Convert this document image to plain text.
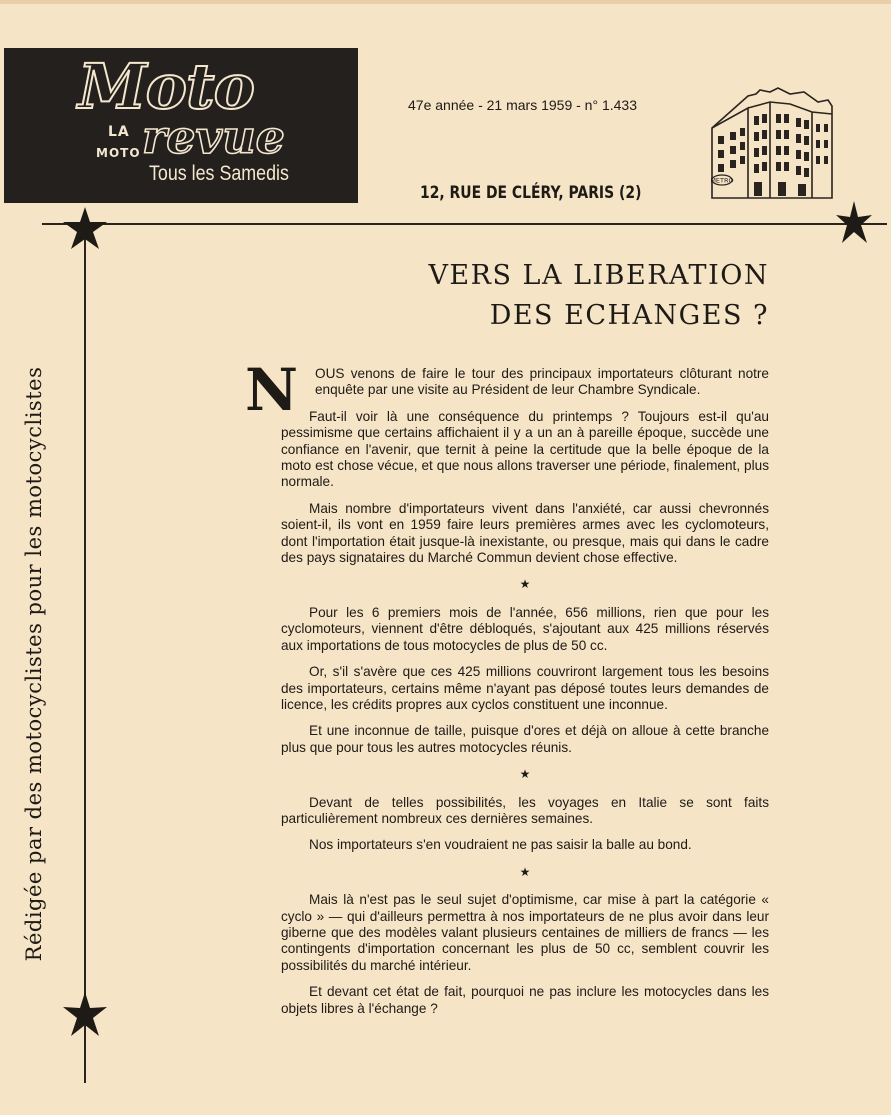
Moto
LA
MOTO revue
Tous les Samedis
47e année - 21 mars 1959 - n° 1.433
12, RUE DE CLÉRY, PARIS (2)
METRO
Rédigée par des motocyclistes pour les motocyclistes
VERS LA LIBERATION
DES ECHANGES ?

N	OUS venons de faire le tour des principaux importateurs clôturant notre enquête par une visite au Président de leur Chambre Syndicale.

Faut-il voir là une conséquence du printemps ? Toujours est-il qu'au pessimisme que certains affichaient il y a un an à pareille époque, succède une confiance en l'avenir, que ternit à peine la certitude que la belle époque de la moto est chose vécue, et que nous allons traverser une période, finalement, plus normale.

Mais nombre d'importateurs vivent dans l'anxiété, car aussi chevronnés soient-il, ils vont en 1959 faire leurs premières armes avec les cyclomoteurs, dont l'importation était jusque-là inexistante, ou presque, mais qui dans le cadre des pays signataires du Marché Commun devient chose effective.

★

Pour les 6 premiers mois de l'année, 656 millions, rien que pour les cyclomoteurs, viennent d'être débloqués, s'ajoutant aux 425 millions réservés aux importations de tous motocycles de plus de 50 cc.

Or, s'il s'avère que ces 425 millions couvriront largement tous les besoins des importateurs, certains même n'ayant pas déposé toutes leurs demandes de licence, les crédits propres aux cyclos constituent une inconnue.

Et une inconnue de taille, puisque d'ores et déjà on alloue à cette branche plus que pour tous les autres motocycles réunis.

★

Devant de telles possibilités, les voyages en Italie se sont faits particulièrement nombreux ces dernières semaines.

Nos importateurs s'en voudraient ne pas saisir la balle au bond.

★

Mais là n'est pas le seul sujet d'optimisme, car mise à part la catégorie « cyclo » — qui d'ailleurs permettra à nos importateurs de ne plus avoir dans leur giberne que des modèles valant plusieurs centaines de milliers de francs — les contingents d'importation concernant les plus de 50 cc, semblent couvrir les possibilités du marché intérieur.

Et devant cet état de fait, pourquoi ne pas inclure les motocycles dans les objets libres à l'échange ?
